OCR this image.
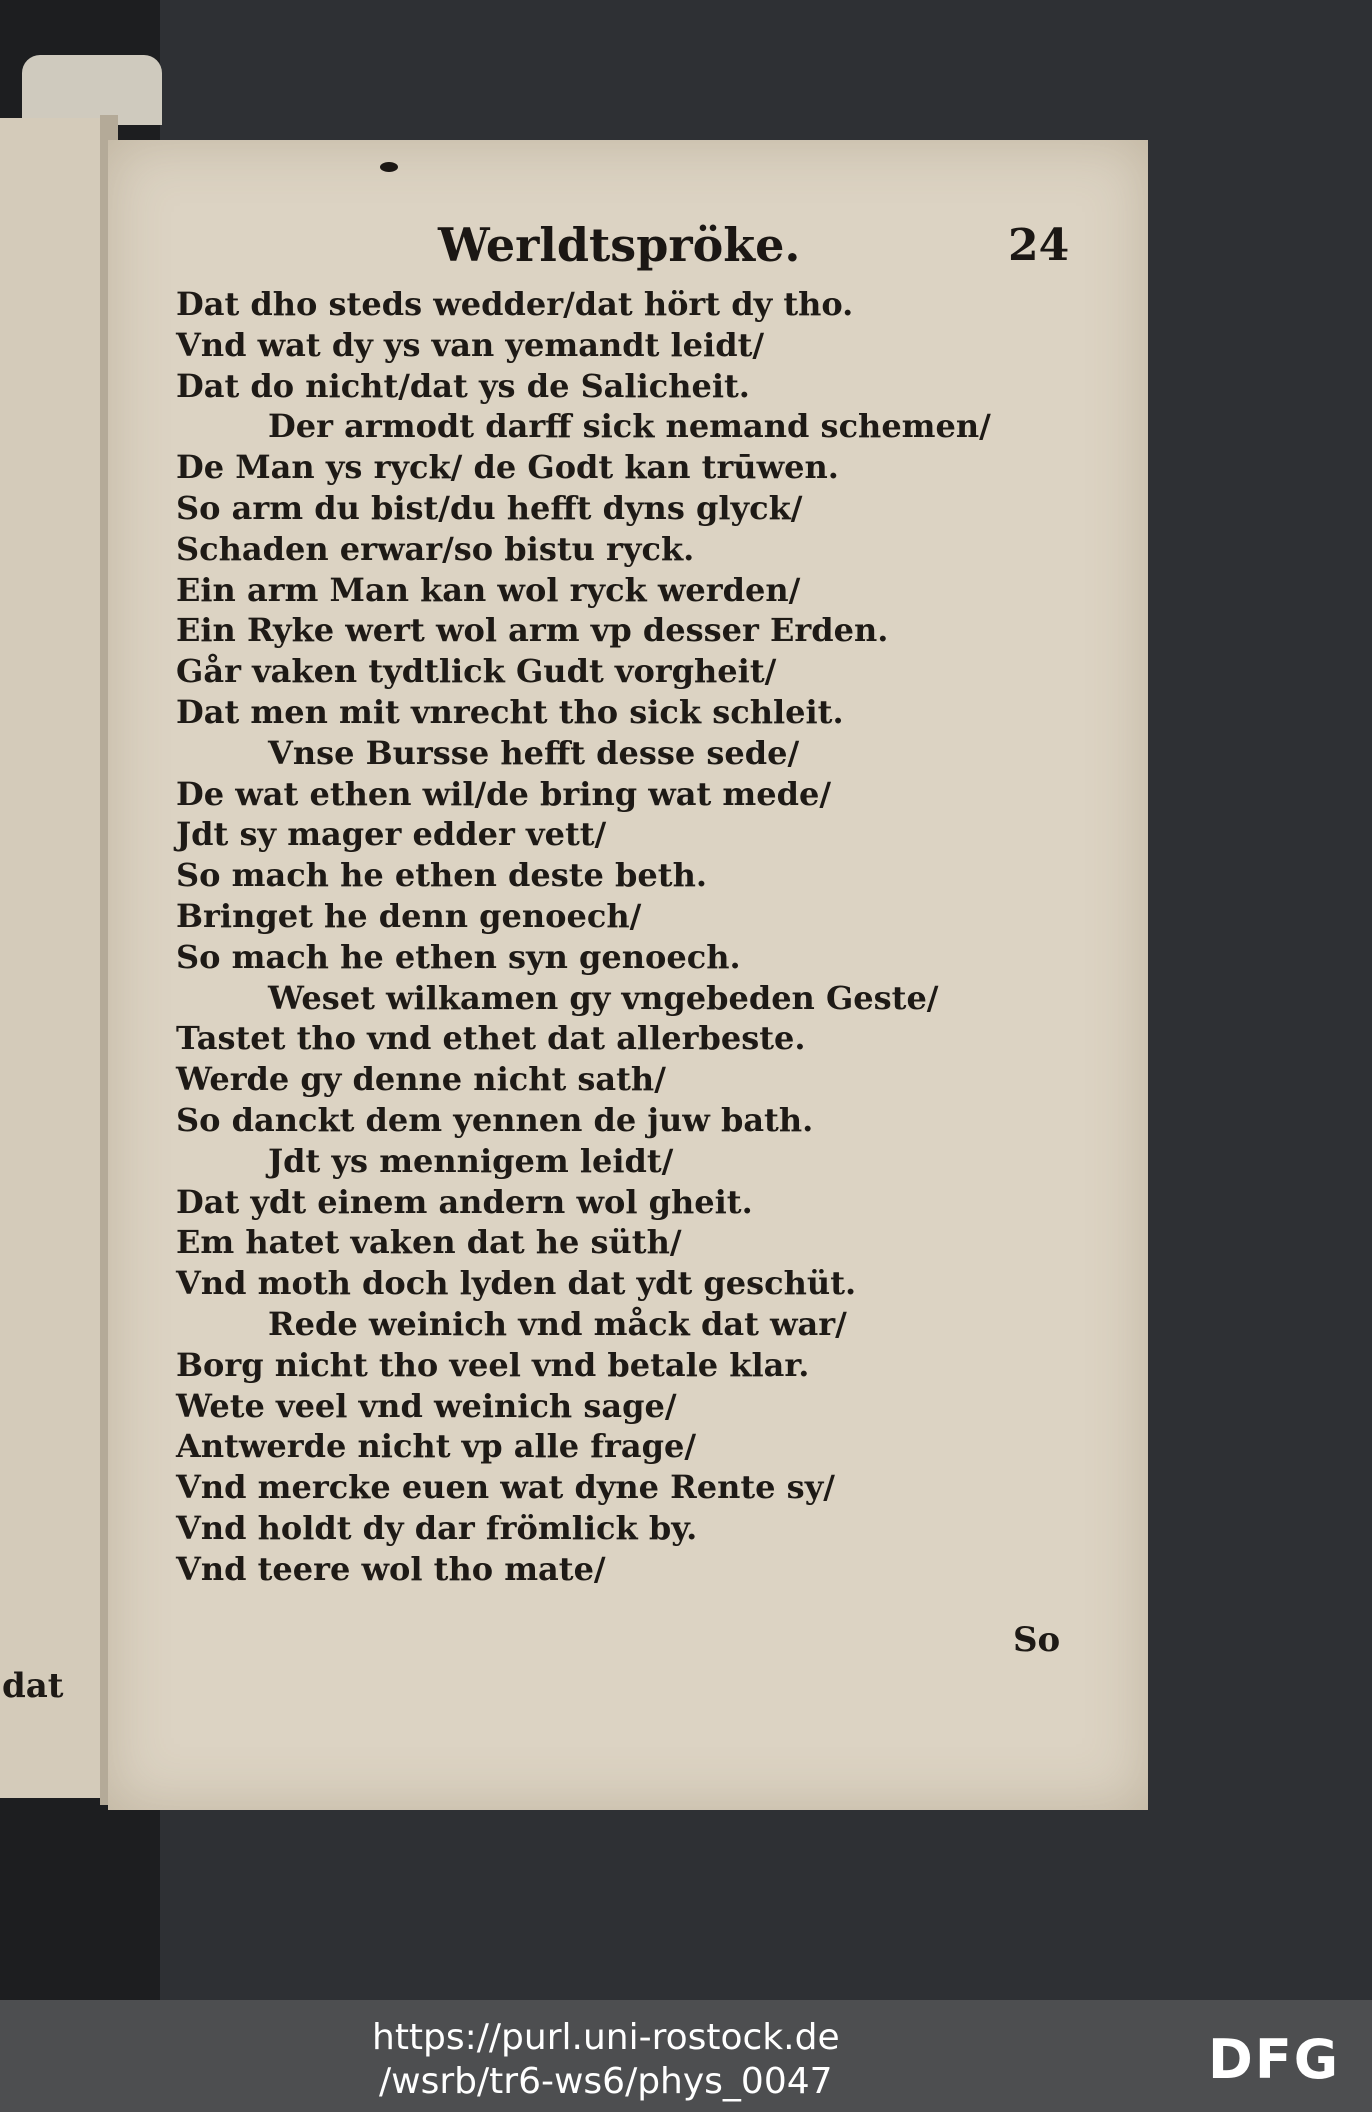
dat
Werldtspröke.	24
Dat dho steds wedder/dat hört dy tho.
Vnd wat dy ys van yemandt leidt/
Dat do nicht/dat ys de Salicheit.
Der armodt darff sick nemand schemen/
De Man ys ryck/ de Godt kan trūwen.
So arm du bist/du hefft dyns glyck/
Schaden erwar/so bistu ryck.
Ein arm Man kan wol ryck werden/
Ein Ryke wert wol arm vp desser Erden.
Går vaken tydtlick Gudt vorgheit/
Dat men mit vnrecht tho sick schleit.
Vnse Bursse hefft desse sede/
De wat ethen wil/de bring wat mede/
Jdt sy mager edder vett/
So mach he ethen deste beth.
Bringet he denn genoech/
So mach he ethen syn genoech.
Weset wilkamen gy vngebeden Geste/
Tastet tho vnd ethet dat allerbeste.
Werde gy denne nicht sath/
So danckt dem yennen de juw bath.
Jdt ys mennigem leidt/
Dat ydt einem andern wol gheit.
Em hatet vaken dat he süth/
Vnd moth doch lyden dat ydt geschüt.
Rede weinich vnd måck dat war/
Borg nicht tho veel vnd betale klar.
Wete veel vnd weinich sage/
Antwerde nicht vp alle frage/
Vnd mercke euen wat dyne Rente sy/
Vnd holdt dy dar frömlick by.
Vnd teere wol tho mate/
So
https://purl.uni-rostock.de
/wsrb/tr6-ws6/phys_0047	DFG
